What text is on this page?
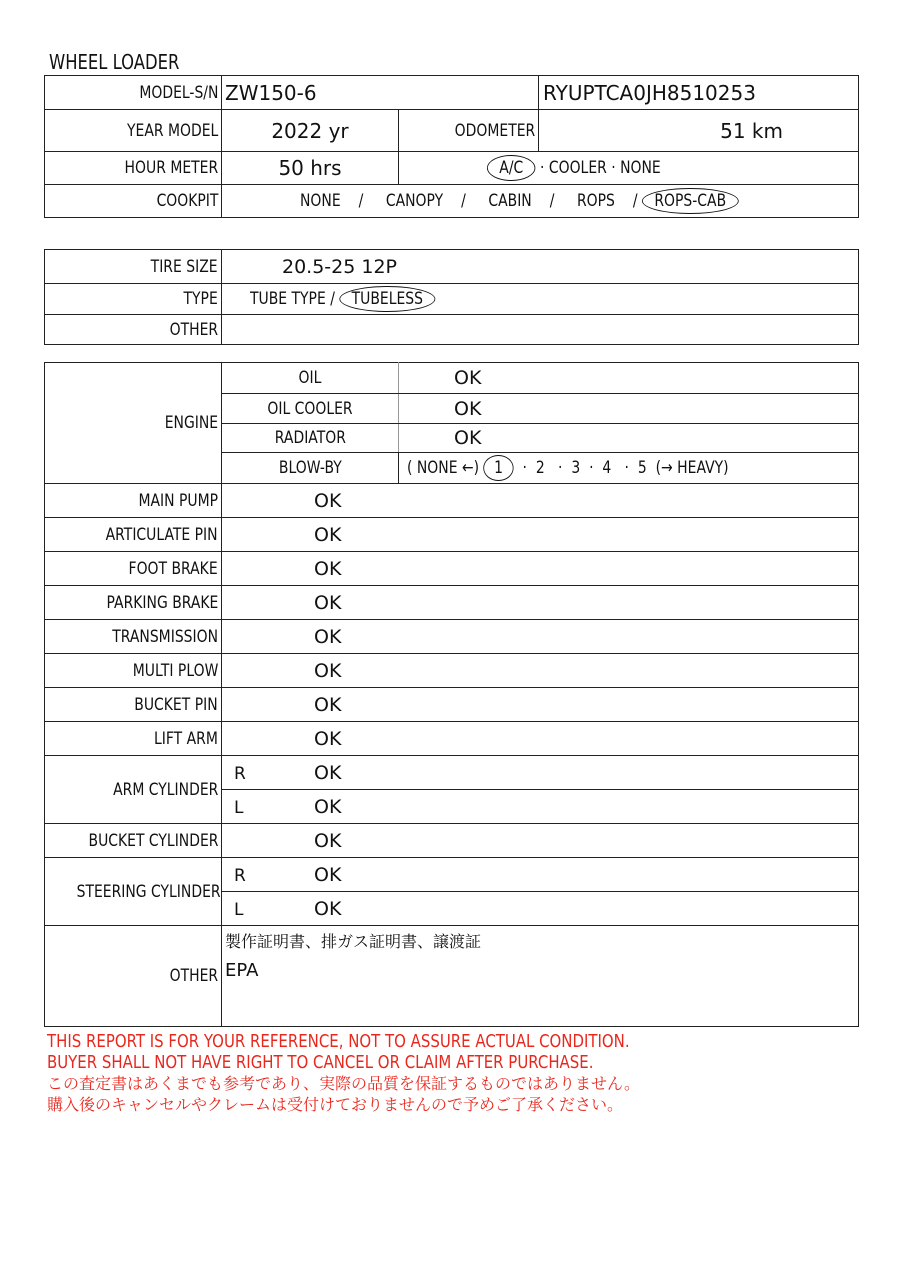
WHEEL LOADER
MODEL-S/N	ZW150-6		RYUPTCA0JH8510253
YEAR MODEL	2022 yr	ODOMETER	51 km
HOUR METER	50 hrs	A/C · COOLER · NONE	
COOKPIT	NONE / CANOPY / CABIN / ROPS / ROPS-CAB		
TIRE SIZE	20.5-25 12P
TYPE	TUBE TYPE / TUBELESS
OTHER	
ENGINE	OIL	OK
	OIL COOLER	OK
	RADIATOR	OK
	BLOW-BY	( NONE ←) 1  ·  2   ·  3  ·  4   ·  5 (→ HEAVY)
MAIN PUMP	OK	
ARTICULATE PIN	OK	
FOOT BRAKE	OK	
PARKING BRAKE	OK	
TRANSMISSION	OK	
MULTI PLOW	OK	
BUCKET PIN	OK	
LIFT ARM	OK	
ARM CYLINDER	R OK	
	L OK	
BUCKET CYLINDER	OK	
STEERING CYLINDER	R OK	
	L OK	
OTHER	製作証明書、排ガス証明書、譲渡証
EPA	
THIS REPORT IS FOR YOUR REFERENCE, NOT TO ASSURE ACTUAL CONDITION.
BUYER SHALL NOT HAVE RIGHT TO CANCEL OR CLAIM AFTER PURCHASE.
この査定書はあくまでも参考であり、実際の品質を保証するものではありません。
購入後のキャンセルやクレームは受付けておりませんので予めご了承ください。
